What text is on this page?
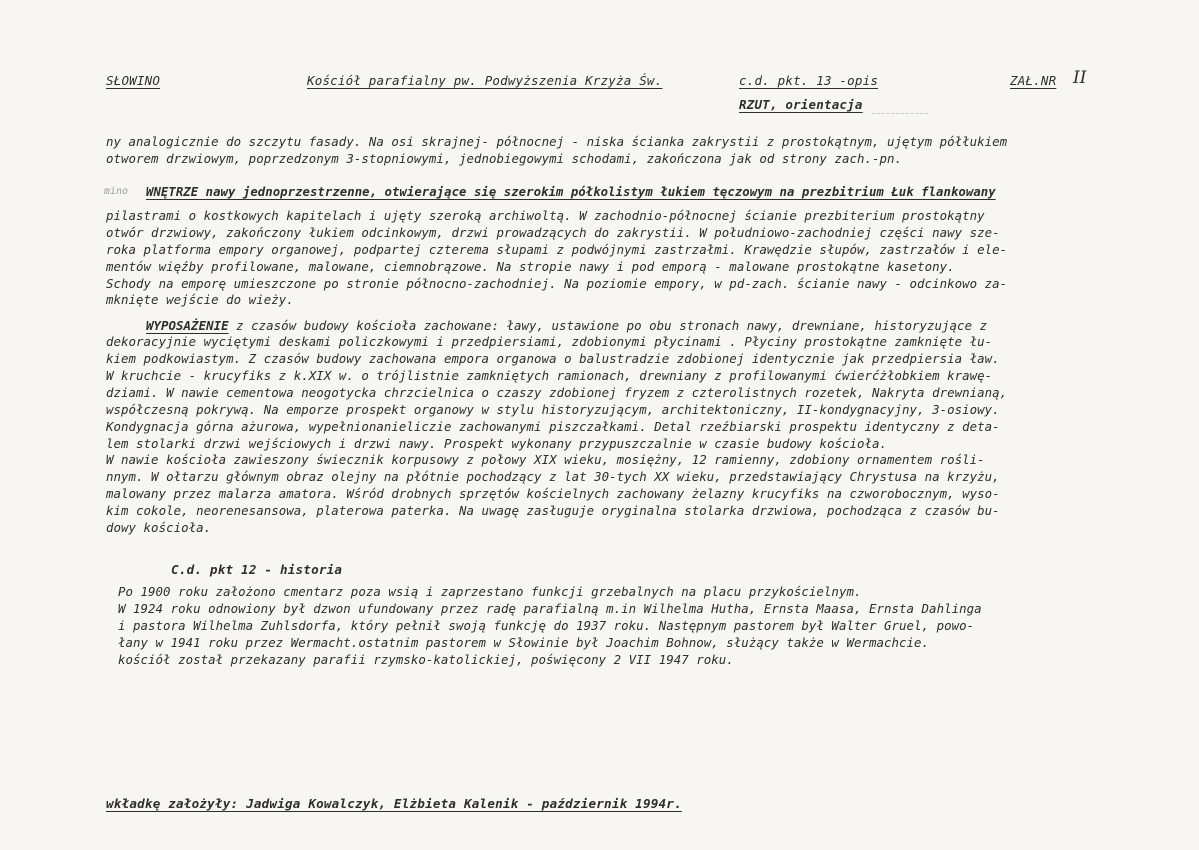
SŁOWINO	Kościół parafialny pw. Podwyższenia Krzyża Św.	c.d. pkt. 13 -opis	ZAŁ.NR II
RZUT, orientacja
ny analogicznie do szczytu fasady. Na osi skrajnej- północnej - niska ścianka zakrystii z prostokątnym, ujętym półłukiem
otworem drzwiowym, poprzedzonym 3-stopniowymi, jednobiegowymi schodami, zakończona jak od strony zach.-pn.
mino WNĘTRZE nawy jednoprzestrzenne, otwierające się szerokim półkolistym łukiem tęczowym na prezbitrium Łuk flankowany
pilastrami o kostkowych kapitelach i ujęty szeroką archiwoltą. W zachodnio-północnej ścianie prezbiterium prostokątny
otwór drzwiowy, zakończony łukiem odcinkowym, drzwi prowadzących do zakrystii. W południowo-zachodniej części nawy sze-
roka platforma empory organowej, podpartej czterema słupami z podwójnymi zastrzałmi. Krawędzie słupów, zastrzałów i ele-
mentów więźby profilowane, malowane, ciemnobrązowe. Na stropie nawy i pod emporą - malowane prostokątne kasetony.
Schody na emporę umieszczone po stronie północno-zachodniej. Na poziomie empory, w pd-zach. ścianie nawy - odcinkowo za-
mknięte wejście do wieży.
WYPOSAŻENIE z czasów budowy kościoła zachowane: ławy, ustawione po obu stronach nawy, drewniane, historyzujące z
dekoracyjnie wyciętymi deskami policzkowymi i przedpiersiami, zdobionymi płycinami . Płyciny prostokątne zamknięte łu-
kiem podkowiastym. Z czasów budowy zachowana empora organowa o balustradzie zdobionej identycznie jak przedpiersia ław.
W kruchcie - krucyfiks z k.XIX w. o trójlistnie zamkniętych ramionach, drewniany z profilowanymi ćwierćżłobkiem krawę-
dziami. W nawie cementowa neogotycka chrzcielnica o czaszy zdobionej fryzem z czterolistnych rozetek, Nakryta drewnianą,
współczesną pokrywą. Na emporze prospekt organowy w stylu historyzującym, architektoniczny, II-kondygnacyjny, 3-osiowy.
Kondygnacja górna ażurowa, wypełnionanieliczie zachowanymi piszczałkami. Detal rzeźbiarski prospektu identyczny z deta-
lem stolarki drzwi wejściowych i drzwi nawy. Prospekt wykonany przypuszczalnie w czasie budowy kościoła.
W nawie kościoła zawieszony świecznik korpusowy z połowy XIX wieku, mosiężny, 12 ramienny, zdobiony ornamentem rośli-
nnym. W ołtarzu głównym obraz olejny na płótnie pochodzący z lat 30-tych XX wieku, przedstawiający Chrystusa na krzyżu,
malowany przez malarza amatora. Wśród drobnych sprzętów kościelnych zachowany żelazny krucyfiks na czworobocznym, wyso-
kim cokole, neorenesansowa, platerowa paterka. Na uwagę zasługuje oryginalna stolarka drzwiowa, pochodząca z czasów bu-
dowy kościoła.
C.d. pkt 12 - historia
Po 1900 roku założono cmentarz poza wsią i zaprzestano funkcji grzebalnych na placu przykościelnym.
W 1924 roku odnowiony był dzwon ufundowany przez radę parafialną m.in Wilhelma Hutha, Ernsta Maasa, Ernsta Dahlinga
i pastora Wilhelma Zuhlsdorfa, który pełnił swoją funkcję do 1937 roku. Następnym pastorem był Walter Gruel, powo-
łany w 1941 roku przez Wermacht.ostatnim pastorem w Słowinie był Joachim Bohnow, służący także w Wermachcie.
kościół został przekazany parafii rzymsko-katolickiej, poświęcony 2 VII 1947 roku.
wkładkę założyły: Jadwiga Kowalczyk, Elżbieta Kalenik - październik 1994r.
